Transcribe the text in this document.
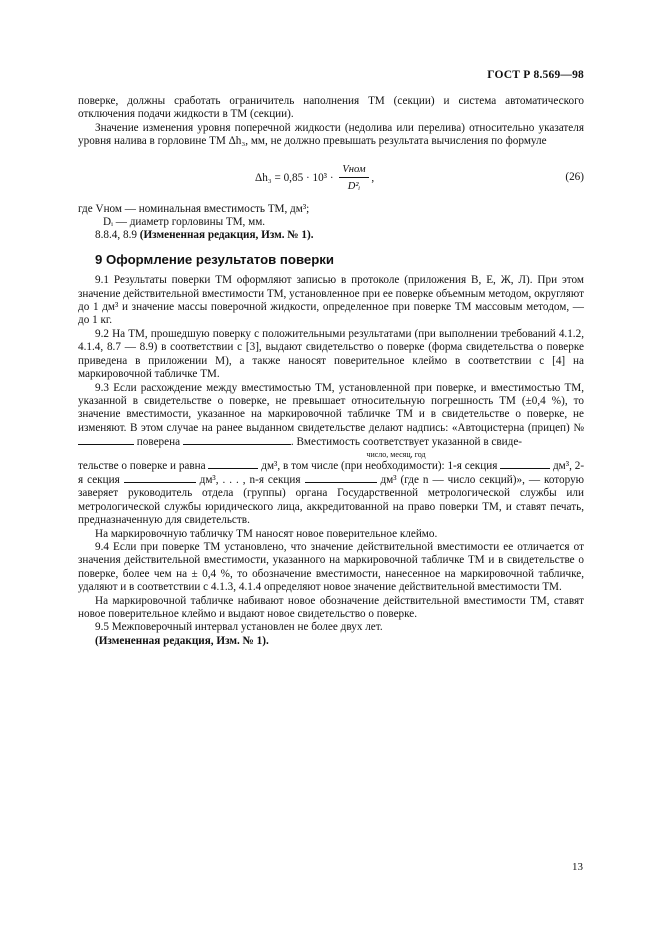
ГОСТ Р 8.569—98

поверке, должны сработать ограничитель наполнения ТМ (секции) и система автоматического отключения подачи жидкости в ТМ (секции).

Значение изменения уровня поперечной жидкости (недолива или перелива) относительно указателя уровня налива в горловине ТМ Δh₃, мм, не должно превышать результата вычисления по формуле

$\Delta h_3 = 0,85 \cdot 10^3 \cdot \frac{\text{Vном}}{\text{D²ᵢ}}$ ,	(26)

где Vном — номинальная вместимость ТМ, дм³;

Dᵢ — диаметр горловины ТМ, мм.

8.8.4, 8.9 (Измененная редакция, Изм. № 1).

9 Оформление результатов поверки

9.1 Результаты поверки ТМ оформляют записью в протоколе (приложения В, Е, Ж, Л). При этом значение действительной вместимости ТМ, установленное при ее поверке объемным методом, округляют до 1 дм³ и значение массы поверочной жидкости, определенное при поверке ТМ массовым методом, — до 1 кг.

9.2 На ТМ, прошедшую поверку с положительными результатами (при выполнении требований 4.1.2, 4.1.4, 8.7 — 8.9) в соответствии с [3], выдают свидетельство о поверке (форма свидетельства о поверке приведена в приложении М), а также наносят поверительное клеймо в соответствии с [4] на маркировочной табличке ТМ.

9.3 Если расхождение между вместимостью ТМ, установленной при поверке, и вместимостью ТМ, указанной в свидетельстве о поверке, не превышает относительную погрешность ТМ (±0,4 %), то значение вместимости, указанное на маркировочной табличке ТМ и в свидетельстве о поверке, не изменяют. В этом случае на ранее выданном свидетельстве делают надпись: «Автоцистерна (прицеп) №  поверена	. Вместимость соответствует указанной в свиде-

число, месяц, год

тельстве о поверке и равна	дм³, в том числе (при необходимости): 1-я секция	дм³, 2-я секция	дм³, . . . , n-я секция	дм³ (где n — число секций)», — которую заверяет руководитель отдела (группы) органа Государственной метрологической службы или метрологической службы юридического лица, аккредитованной на право поверки ТМ, и ставят печать, предназначенную для свидетельств.

На маркировочную табличку ТМ наносят новое поверительное клеймо.

9.4 Если при поверке ТМ установлено, что значение действительной вместимости ее отличается от значения действительной вместимости, указанного на маркировочной табличке ТМ и в свидетельстве о поверке, более чем на ± 0,4 %, то обозначение вместимости, нанесенное на маркировочной табличке, удаляют и в соответствии с 4.1.3, 4.1.4 определяют новое значение действительной вместимости ТМ.

На маркировочной табличке набивают новое обозначение действительной вместимости ТМ, ставят новое поверительное клеймо и выдают новое свидетельство о поверке.

9.5 Межповерочный интервал установлен не более двух лет.

(Измененная редакция, Изм. № 1).

13
